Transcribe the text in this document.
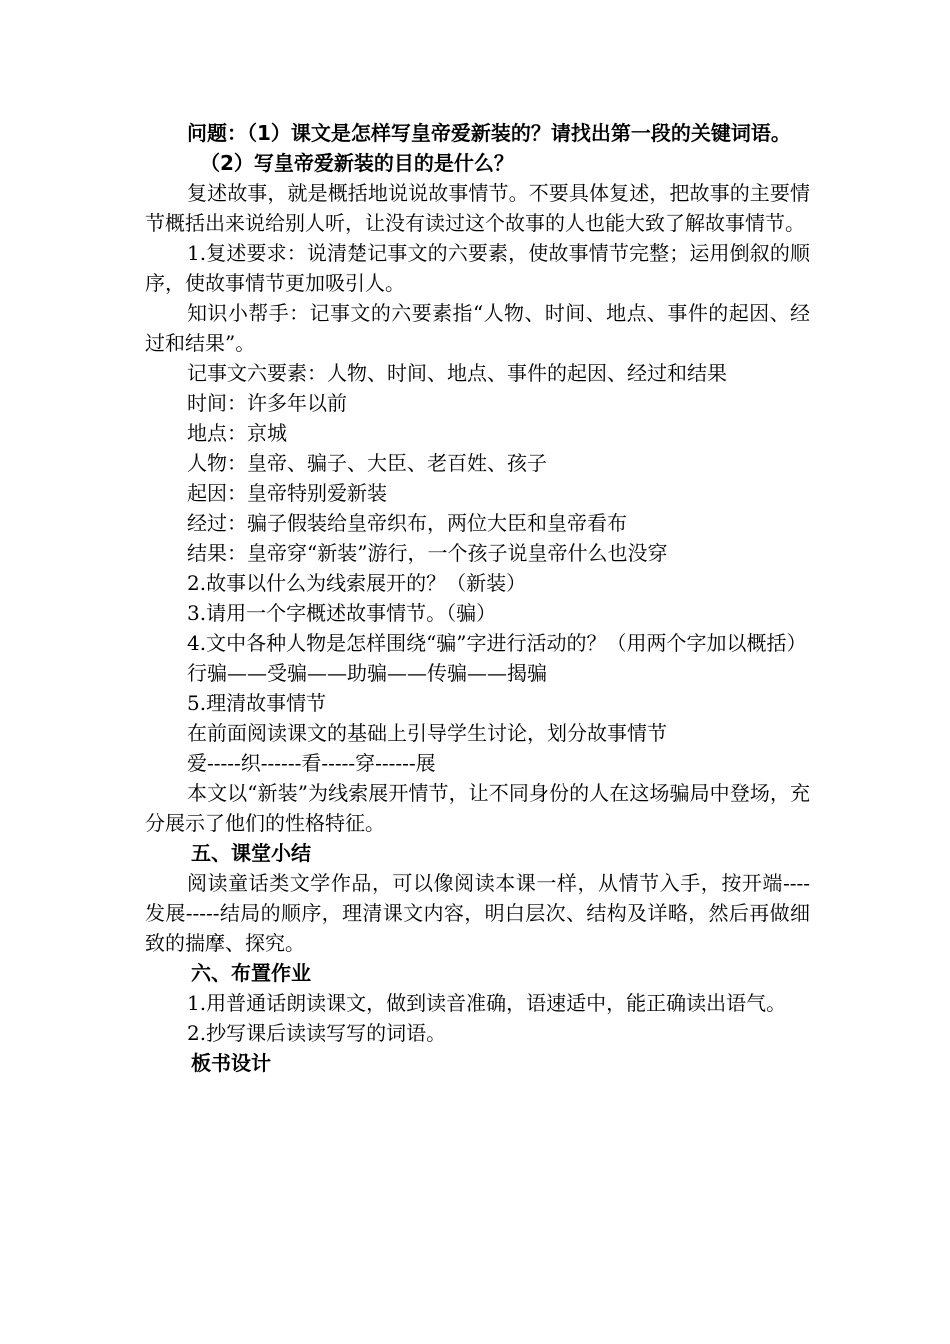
问题：（1）课文是怎样写皇帝爱新装的？请找出第一段的关键词语。

（2）写皇帝爱新装的目的是什么？

复述故事，就是概括地说说故事情节。不要具体复述，把故事的主要情节概括出来说给别人听，让没有读过这个故事的人也能大致了解故事情节。

1.复述要求：说清楚记事文的六要素，使故事情节完整；运用倒叙的顺序，使故事情节更加吸引人。

知识小帮手：记事文的六要素指“人物、时间、地点、事件的起因、经过和结果”。

记事文六要素：人物、时间、地点、事件的起因、经过和结果

时间：许多年以前

地点：京城

人物：皇帝、骗子、大臣、老百姓、孩子

起因：皇帝特别爱新装

经过：骗子假装给皇帝织布，两位大臣和皇帝看布

结果：皇帝穿“新装”游行，一个孩子说皇帝什么也没穿

2.故事以什么为线索展开的？（新装）

3.请用一个字概述故事情节。（骗）

4.文中各种人物是怎样围绕“骗”字进行活动的？（用两个字加以概括）

行骗——受骗——助骗——传骗——揭骗

5.理清故事情节

在前面阅读课文的基础上引导学生讨论，划分故事情节

爱-----织------看-----穿------展

本文以“新装”为线索展开情节，让不同身份的人在这场骗局中登场，充分展示了他们的性格特征。

五、课堂小结

阅读童话类文学作品，可以像阅读本课一样，从情节入手，按开端----发展-----结局的顺序，理清课文内容，明白层次、结构及详略，然后再做细致的揣摩、探究。

六、布置作业

1.用普通话朗读课文，做到读音准确，语速适中，能正确读出语气。

2.抄写课后读读写写的词语。

板书设计
